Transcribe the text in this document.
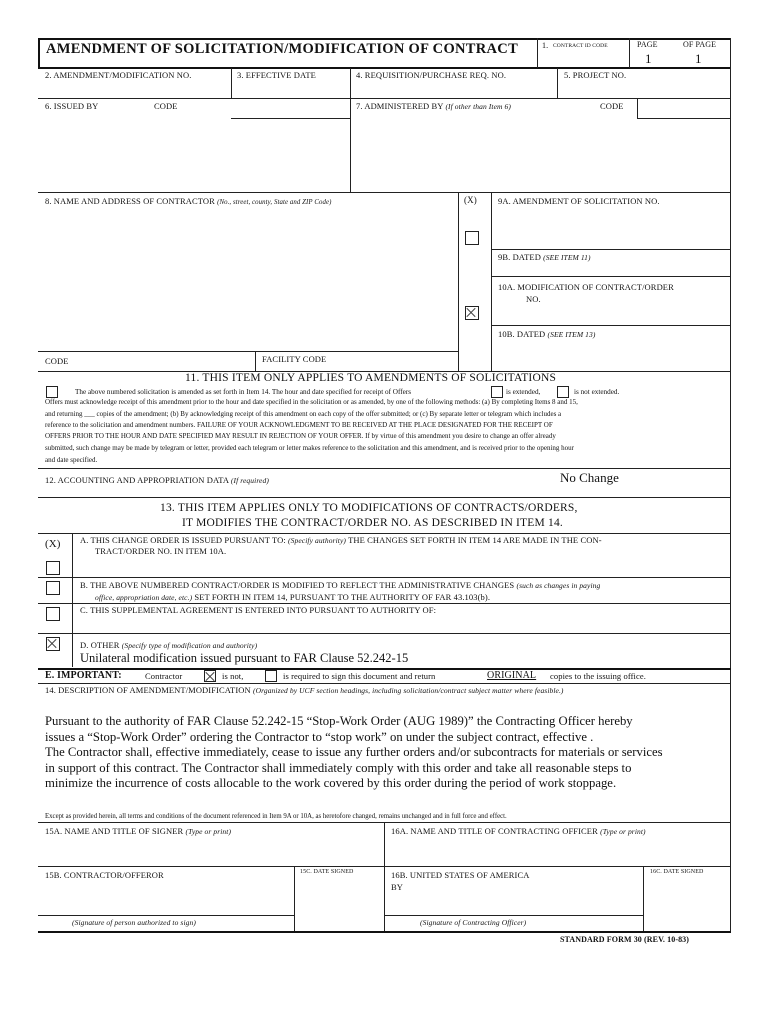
AMENDMENT OF SOLICITATION/MODIFICATION OF CONTRACT	1. CONTRACT ID CODE	PAGE	OF PAGE
1	1
2. AMENDMENT/MODIFICATION NO.	3. EFFECTIVE DATE	4. REQUISITION/PURCHASE REQ. NO.	5. PROJECT NO.
6. ISSUED BY	CODE	7. ADMINISTERED BY (If other than Item 6)	CODE
8. NAME AND ADDRESS OF CONTRACTOR (No., street, county, State and ZIP Code)	(X) 9A. AMENDMENT OF SOLICITATION NO.
9B. DATED (SEE ITEM 11)
10A. MODIFICATION OF CONTRACT/ORDER
NO.
10B. DATED (SEE ITEM 13)
CODE	FACILITY CODE
11. THIS ITEM ONLY APPLIES TO AMENDMENTS OF SOLICITATIONS
The above numbered solicitation is amended as set forth in Item 14. The hour and date specified for receipt of Offers	is extended,	is not extended.
Offers must acknowledge receipt of this amendment prior to the hour and date specified in the solicitation or as amended, by one of the following methods: (a) By completing Items 8 and 15,
and returning ___ copies of the amendment; (b) By acknowledging receipt of this amendment on each copy of the offer submitted; or (c) By separate letter or telegram which includes a
reference to the solicitation and amendment numbers. FAILURE OF YOUR ACKNOWLEDGMENT TO BE RECEIVED AT THE PLACE DESIGNATED FOR THE RECEIPT OF
OFFERS PRIOR TO THE HOUR AND DATE SPECIFIED MAY RESULT IN REJECTION OF YOUR OFFER. If by virtue of this amendment you desire to change an offer already
submitted, such change may be made by telegram or letter, provided each telegram or letter makes reference to the solicitation and this amendment, and is received prior to the opening hour
and date specified.
12. ACCOUNTING AND APPROPRIATION DATA (If required)	No Change
13. THIS ITEM APPLIES ONLY TO MODIFICATIONS OF CONTRACTS/ORDERS,
IT MODIFIES THE CONTRACT/ORDER NO. AS DESCRIBED IN ITEM 14.
(X) A. THIS CHANGE ORDER IS ISSUED PURSUANT TO: (Specify authority) THE CHANGES SET FORTH IN ITEM 14 ARE MADE IN THE CON-
TRACT/ORDER NO. IN ITEM 10A.
B. THE ABOVE NUMBERED CONTRACT/ORDER IS MODIFIED TO REFLECT THE ADMINISTRATIVE CHANGES (such as changes in paying
office, appropriation date, etc.) SET FORTH IN ITEM 14, PURSUANT TO THE AUTHORITY OF FAR 43.103(b).
C. THIS SUPPLEMENTAL AGREEMENT IS ENTERED INTO PURSUANT TO AUTHORITY OF:
D. OTHER (Specify type of modification and authority)
Unilateral modification issued pursuant to FAR Clause 52.242-15
E. IMPORTANT:	Contractor	is not,	is required to sign this document and return	ORIGINAL copies to the issuing office.
14. DESCRIPTION OF AMENDMENT/MODIFICATION (Organized by UCF section headings, including solicitation/contract subject matter where feasible.)
Pursuant to the authority of FAR Clause 52.242-15 “Stop-Work Order (AUG 1989)” the Contracting Officer hereby
issues a “Stop-Work Order” ordering the Contractor to “stop work” on under the subject contract, effective .
The Contractor shall, effective immediately, cease to issue any further orders and/or subcontracts for materials or services
in support of this contract. The Contractor shall immediately comply with this order and take all reasonable steps to
minimize the incurrence of costs allocable to the work covered by this order during the period of work stoppage.
Except as provided herein, all terms and conditions of the document referenced in Item 9A or 10A, as heretofore changed, remains unchanged and in full force and effect.
15A. NAME AND TITLE OF SIGNER (Type or print)	16A. NAME AND TITLE OF CONTRACTING OFFICER (Type or print)
15B. CONTRACTOR/OFFEROR	15C. DATE SIGNED	16B. UNITED STATES OF AMERICA
BY
16C. DATE SIGNED
(Signature of person authorized to sign)	(Signature of Contracting Officer)
STANDARD FORM 30 (REV. 10-83)
